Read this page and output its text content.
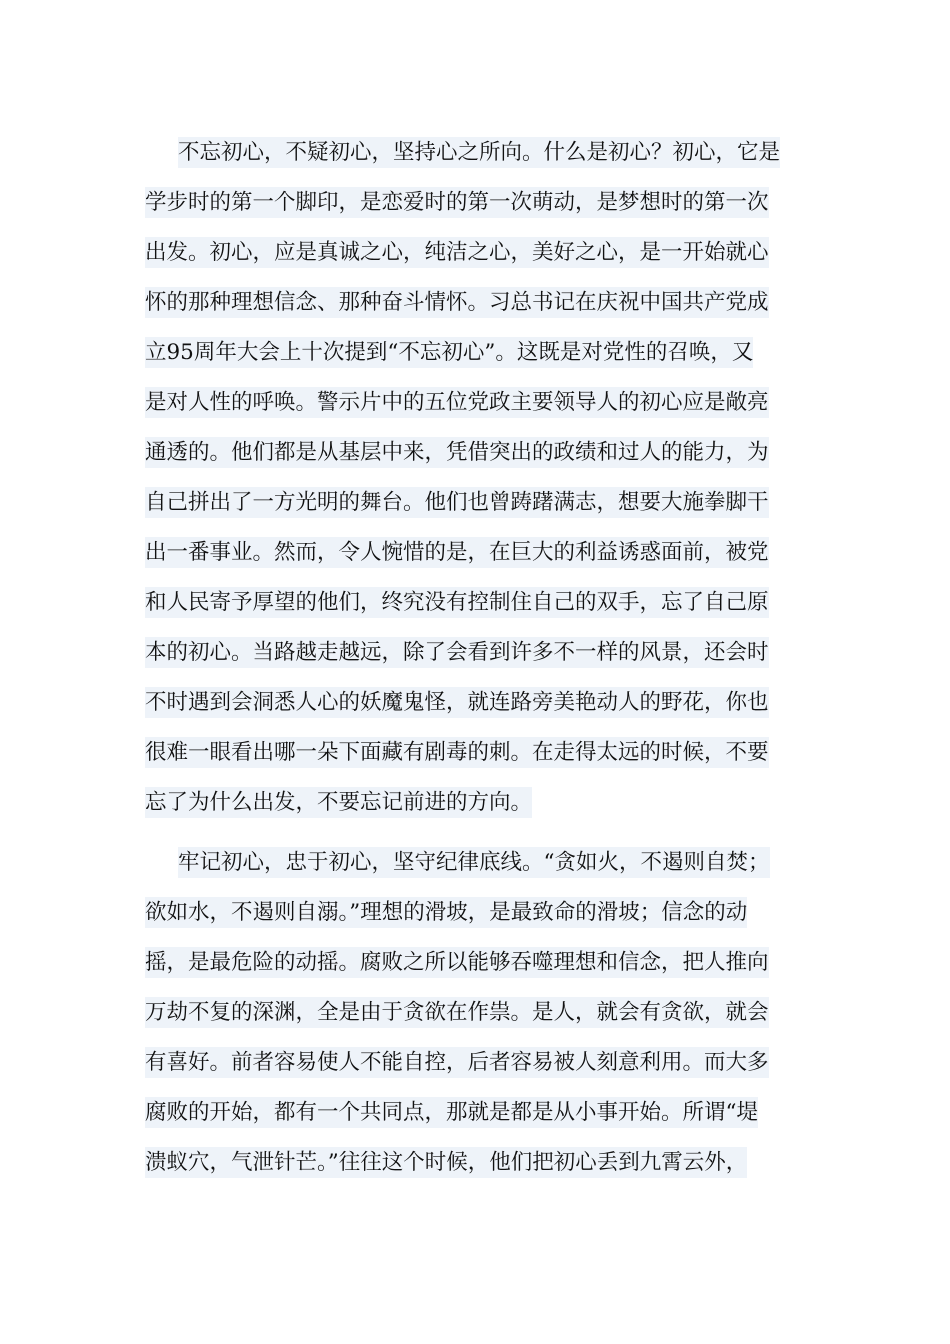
不忘初心，不疑初心，坚持心之所向。什么是初心？初心，它是
学步时的第一个脚印，是恋爱时的第一次萌动，是梦想时的第一次
出发。初心，应是真诚之心，纯洁之心，美好之心，是一开始就心
怀的那种理想信念、那种奋斗情怀。习总书记在庆祝中国共产党成
立95周年大会上十次提到“不忘初心”。这既是对党性的召唤，又
是对人性的呼唤。警示片中的五位党政主要领导人的初心应是敞亮
通透的。他们都是从基层中来，凭借突出的政绩和过人的能力，为
自己拼出了一方光明的舞台。他们也曾踌躇满志，想要大施拳脚干
出一番事业。然而，令人惋惜的是，在巨大的利益诱惑面前，被党
和人民寄予厚望的他们，终究没有控制住自己的双手，忘了自己原
本的初心。当路越走越远，除了会看到许多不一样的风景，还会时
不时遇到会洞悉人心的妖魔鬼怪，就连路旁美艳动人的野花，你也
很难一眼看出哪一朵下面藏有剧毒的刺。在走得太远的时候，不要
忘了为什么出发，不要忘记前进的方向。
牢记初心，忠于初心，坚守纪律底线。“贪如火，不遏则自焚；
欲如水，不遏则自溺。”理想的滑坡，是最致命的滑坡；信念的动
摇，是最危险的动摇。腐败之所以能够吞噬理想和信念，把人推向
万劫不复的深渊，全是由于贪欲在作祟。是人，就会有贪欲，就会
有喜好。前者容易使人不能自控，后者容易被人刻意利用。而大多
腐败的开始，都有一个共同点，那就是都是从小事开始。所谓“堤
溃蚁穴，气泄针芒。”往往这个时候，他们把初心丢到九霄云外，
